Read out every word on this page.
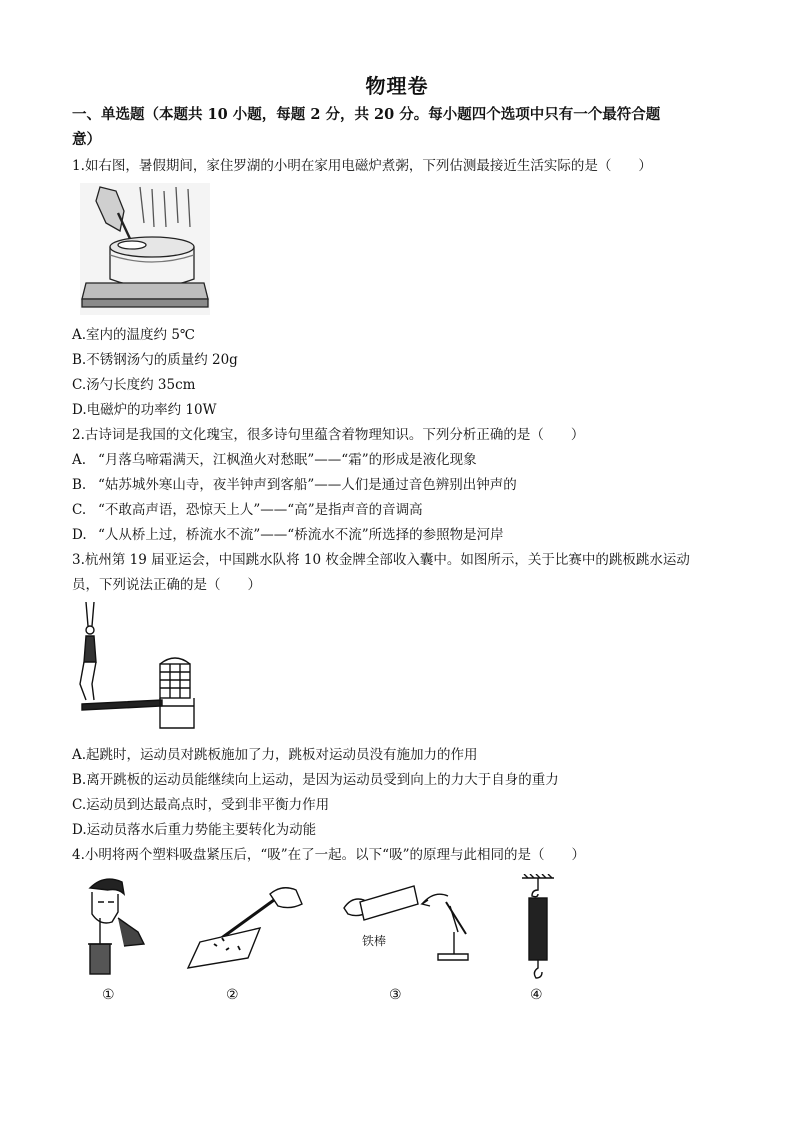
物理卷
一、单选题（本题共 10 小题，每题 2 分，共 20 分。每小题四个选项中只有一个最符合题
意）
1.如右图，暑假期间，家住罗湖的小明在家用电磁炉煮粥，下列估测最接近生活实际的是（　　）
A.室内的温度约 5℃
B.不锈钢汤勺的质量约 20g
C.汤勺长度约 35cm
D.电磁炉的功率约 10W
2.古诗词是我国的文化瑰宝，很多诗句里蕴含着物理知识。下列分析正确的是（　　）
A. “月落乌啼霜满天，江枫渔火对愁眠”——“霜”的形成是液化现象
B. “姑苏城外寒山寺，夜半钟声到客船”——人们是通过音色辨别出钟声的
C. “不敢高声语，恐惊天上人”——“高”是指声音的音调高
D. “人从桥上过，桥流水不流”——“桥流水不流”所选择的参照物是河岸
3.杭州第 19 届亚运会，中国跳水队将 10 枚金牌全部收入囊中。如图所示，关于比赛中的跳板跳水运动
员，下列说法正确的是（　　）
A.起跳时，运动员对跳板施加了力，跳板对运动员没有施加力的作用
B.离开跳板的运动员能继续向上运动，是因为运动员受到向上的力大于自身的重力
C.运动员到达最高点时，受到非平衡力作用
D.运动员落水后重力势能主要转化为动能
4.小明将两个塑料吸盘紧压后，“吸”在了一起。以下“吸”的原理与此相同的是（　　）
铁棒
①	②	③	④
